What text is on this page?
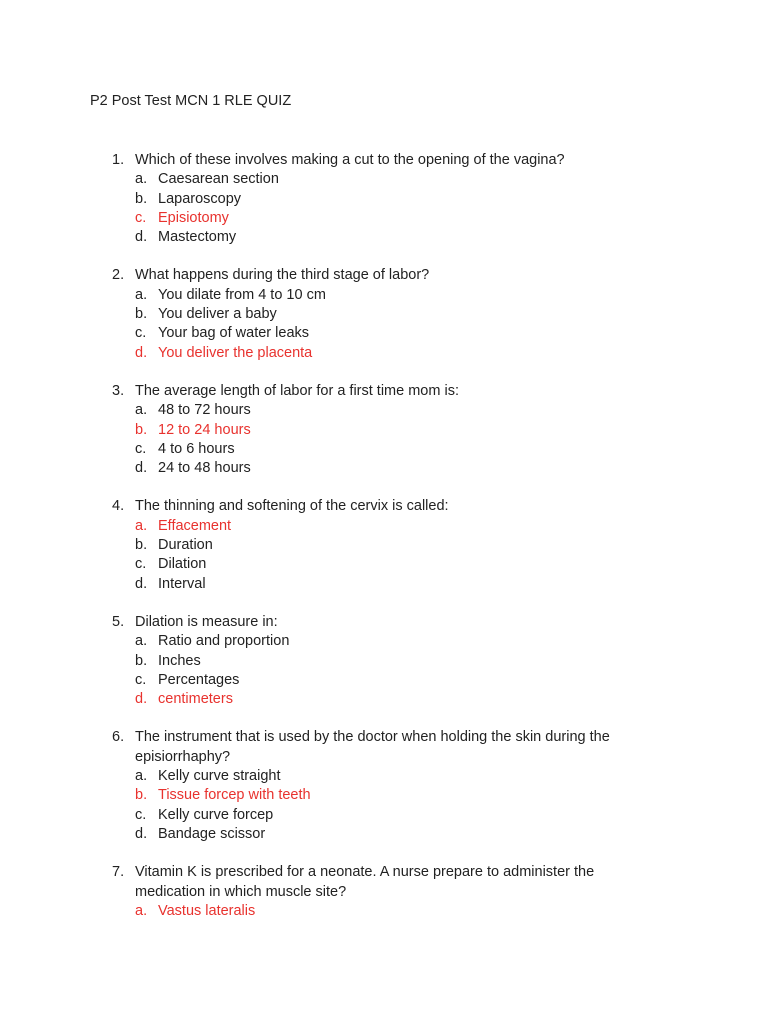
P2 Post Test MCN 1 RLE QUIZ
1. Which of these involves making a cut to the opening of the vagina?
a. Caesarean section
b. Laparoscopy
c. Episiotomy
d. Mastectomy
2. What happens during the third stage of labor?
a. You dilate from 4 to 10 cm
b. You deliver a baby
c. Your bag of water leaks
d. You deliver the placenta
3. The average length of labor for a first time mom is:
a. 48 to 72 hours
b. 12 to 24 hours
c. 4 to 6 hours
d. 24 to 48 hours
4. The thinning and softening of the cervix is called:
a. Effacement
b. Duration
c. Dilation
d. Interval
5. Dilation is measure in:
a. Ratio and proportion
b. Inches
c. Percentages
d. centimeters
6. The instrument that is used by the doctor when holding the skin during the episiorrhaphy?
a. Kelly curve straight
b. Tissue forcep with teeth
c. Kelly curve forcep
d. Bandage scissor
7. Vitamin K is prescribed for a neonate. A nurse prepare to administer the medication in which muscle site?
a. Vastus lateralis
